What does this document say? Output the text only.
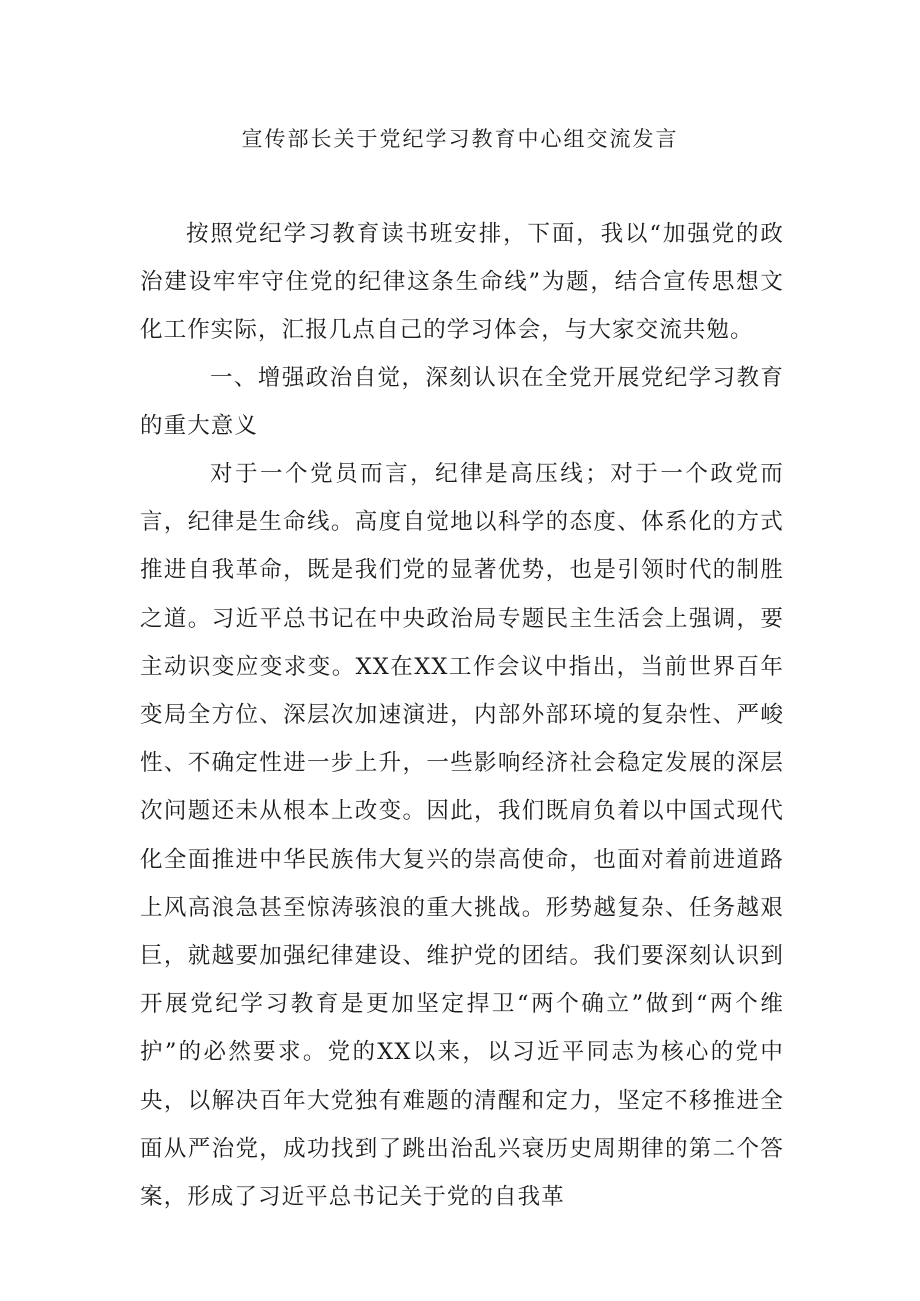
宣传部长关于党纪学习教育中心组交流发言

按照党纪学习教育读书班安排，下面，我以“加强党的政治建设牢牢守住党的纪律这条生命线”为题，结合宣传思想文化工作实际，汇报几点自己的学习体会，与大家交流共勉。

一、增强政治自觉，深刻认识在全党开展党纪学习教育的重大意义

对于一个党员而言，纪律是高压线；对于一个政党而言，纪律是生命线。高度自觉地以科学的态度、体系化的方式推进自我革命，既是我们党的显著优势，也是引领时代的制胜之道。习近平总书记在中央政治局专题民主生活会上强调，要主动识变应变求变。XX在XX工作会议中指出，当前世界百年变局全方位、深层次加速演进，内部外部环境的复杂性、严峻性、不确定性进一步上升，一些影响经济社会稳定发展的深层次问题还未从根本上改变。因此，我们既肩负着以中国式现代化全面推进中华民族伟大复兴的崇高使命，也面对着前进道路上风高浪急甚至惊涛骇浪的重大挑战。形势越复杂、任务越艰巨，就越要加强纪律建设、维护党的团结。我们要深刻认识到开展党纪学习教育是更加坚定捍卫“两个确立”做到“两个维护”的必然要求。党的XX以来，以习近平同志为核心的党中央，以解决百年大党独有难题的清醒和定力，坚定不移推进全面从严治党，成功找到了跳出治乱兴衰历史周期律的第二个答案，形成了习近平总书记关于党的自我革
